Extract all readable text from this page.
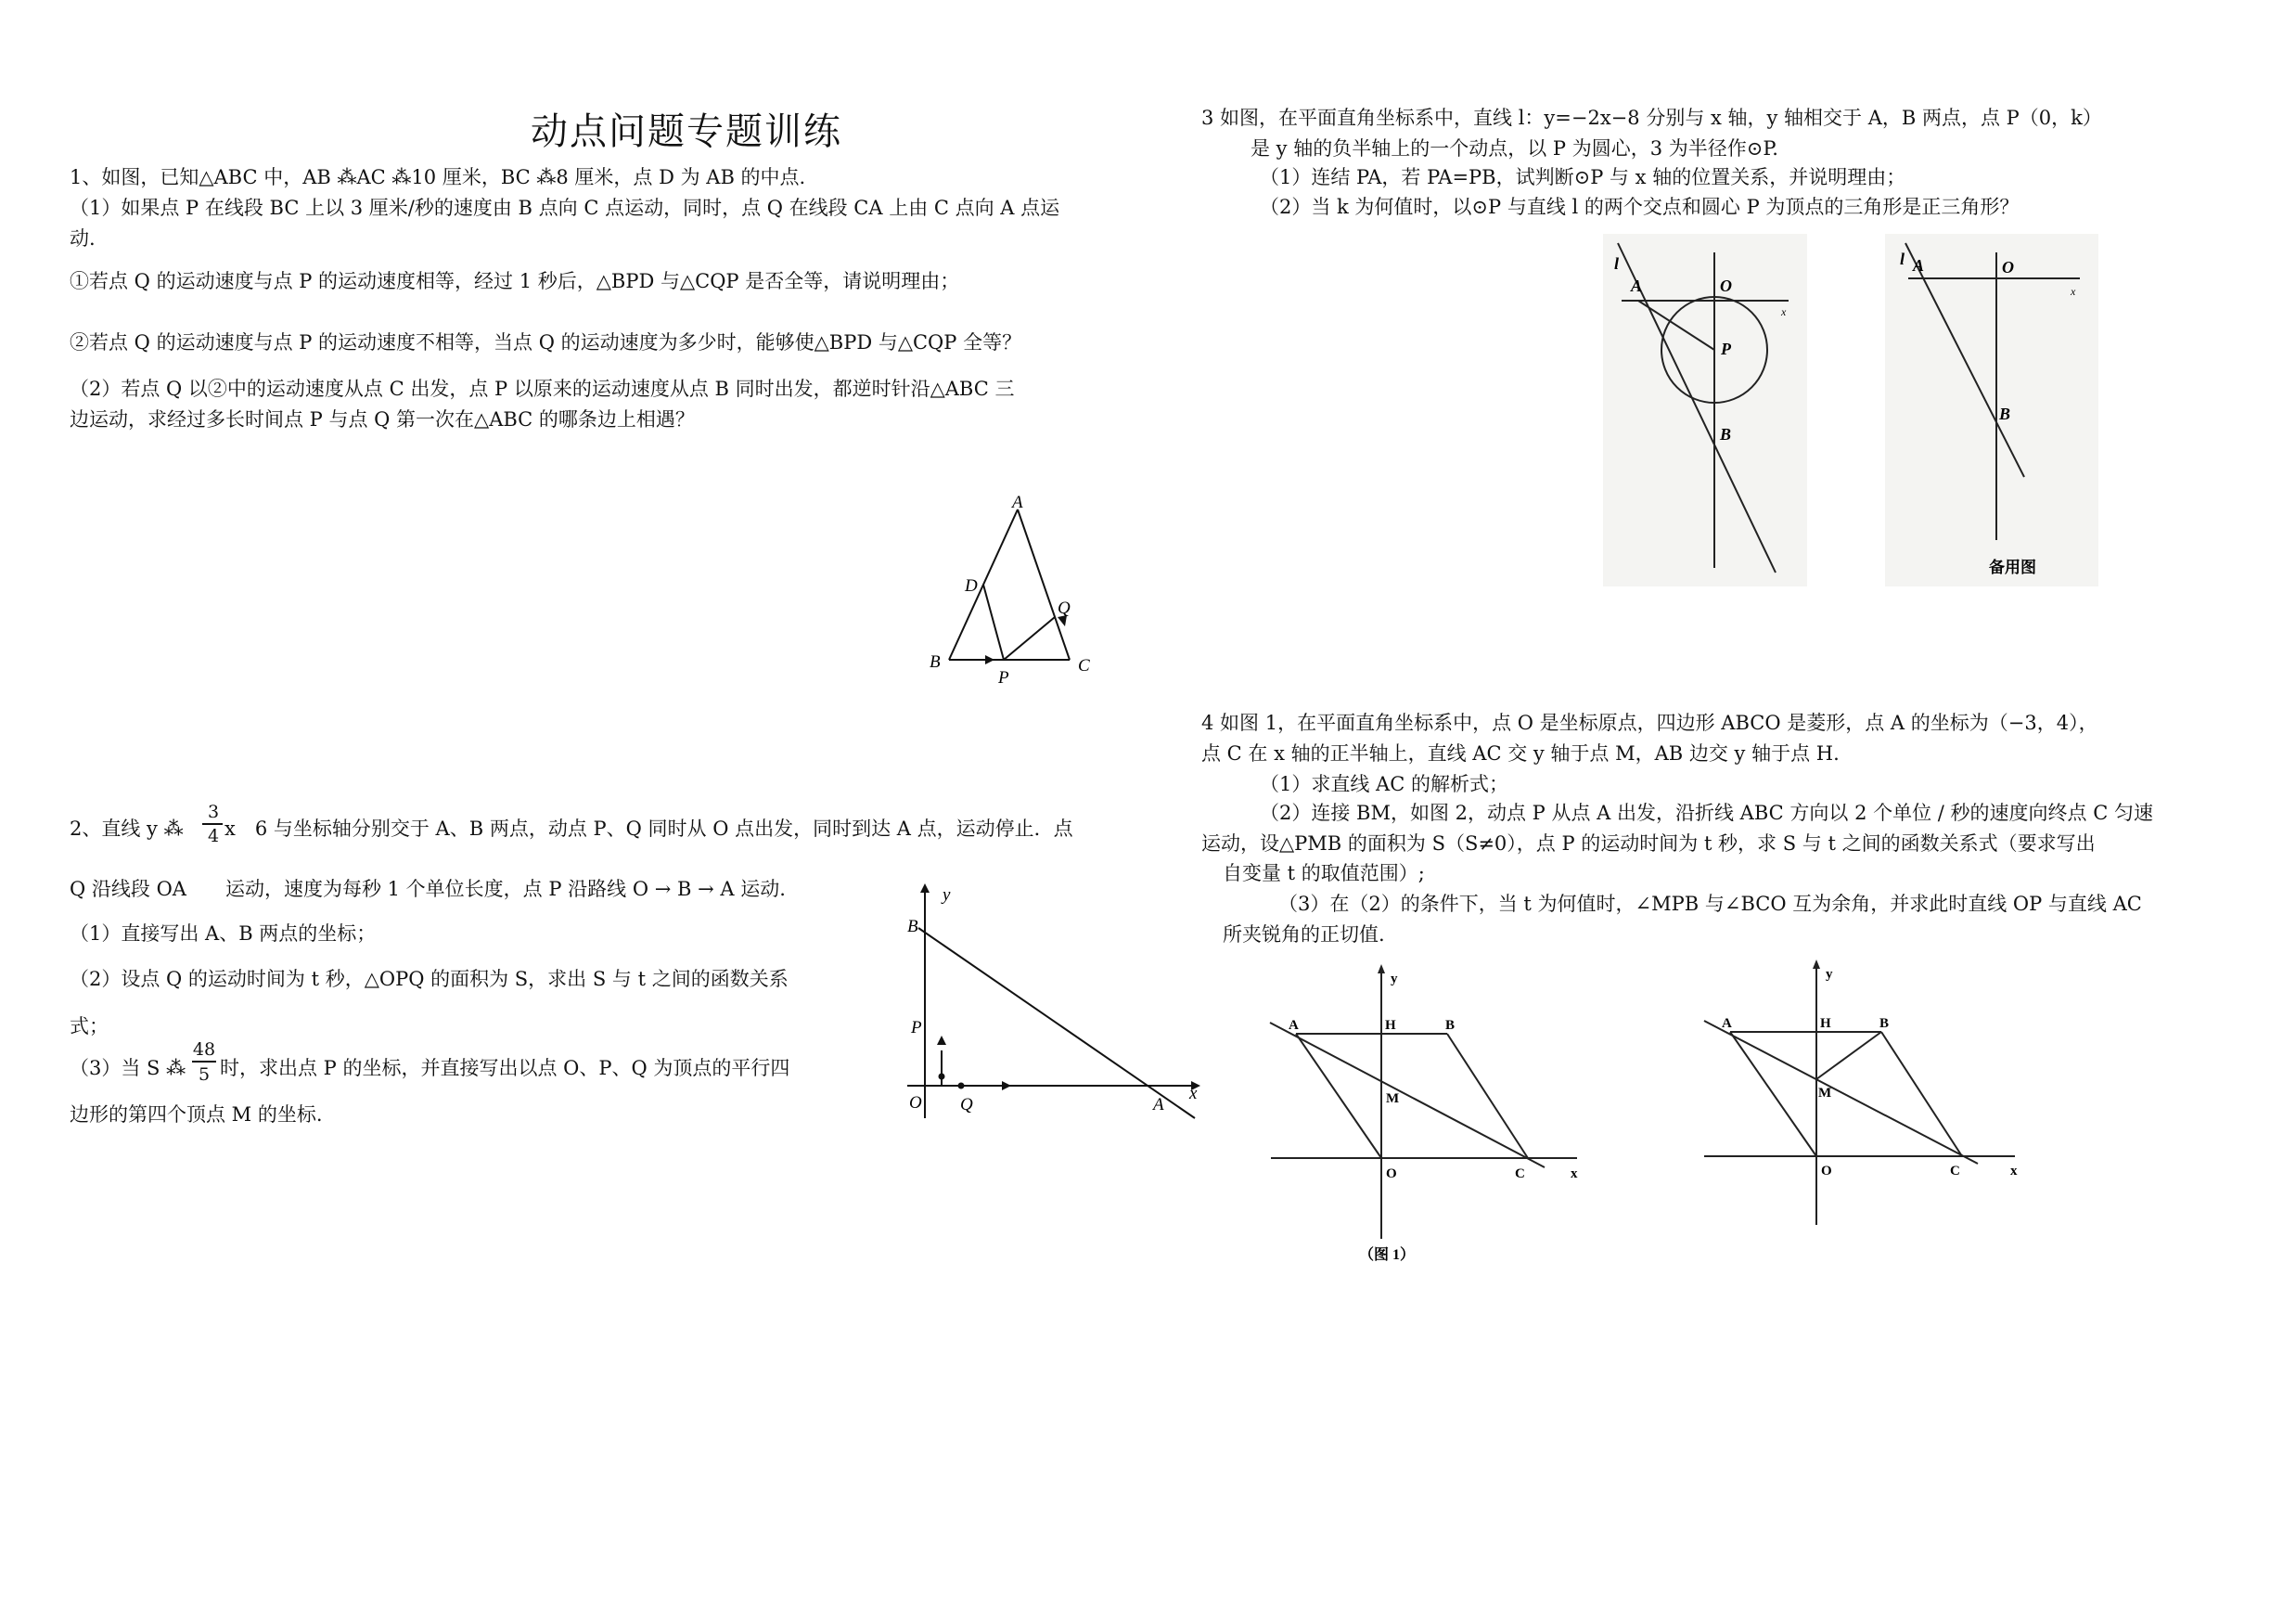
动点问题专题训练
1、如图，已知△ABC 中，AB ⁂AC ⁂10 厘米，BC ⁂8 厘米，点 D 为 AB 的中点.
（1）如果点 P 在线段 BC 上以 3 厘米/秒的速度由 B 点向 C 点运动，同时，点 Q 在线段 CA 上由 C 点向 A 点运
动.
①若点 Q 的运动速度与点 P 的运动速度相等，经过 1 秒后，△BPD 与△CQP 是否全等，请说明理由；
②若点 Q 的运动速度与点 P 的运动速度不相等，当点 Q 的运动速度为多少时，能够使△BPD 与△CQP 全等？
（2）若点 Q 以②中的运动速度从点 C 出发，点 P 以原来的运动速度从点 B 同时出发，都逆时针沿△ABC 三
边运动，求经过多长时间点 P 与点 Q 第一次在△ABC 的哪条边上相遇？
A
D
Q
B
P
C
2、直线 y ⁂
3
4 x　6 与坐标轴分别交于 A、B 两点，动点 P、Q 同时从 O 点出发，同时到达 A 点，运动停止．点
Q 沿线段 OA　　运动，速度为每秒 1 个单位长度，点 P 沿路线 O → B → A 运动.
（1）直接写出 A、B 两点的坐标；
（2）设点 Q 的运动时间为 t 秒，△OPQ 的面积为 S，求出 S 与 t 之间的函数关系
式；
（3）当 S ⁂
48
5 时，求出点 P 的坐标，并直接写出以点 O、P、Q 为顶点的平行四
边形的第四个顶点 M 的坐标.
y
B
P
O Q	A
x
3 如图，在平面直角坐标系中，直线 l：y=−2x−8 分别与 x 轴，y 轴相交于 A，B 两点，点 P（0，k）
是 y 轴的负半轴上的一个动点，以 P 为圆心，3 为半径作⊙P.
（1）连结 PA，若 PA=PB，试判断⊙P 与 x 轴的位置关系，并说明理由；
（2）当 k 为何值时，以⊙P 与直线 l 的两个交点和圆心 P 为顶点的三角形是正三角形？
l
A	O
x
P
B
l A	O
x
B
备用图
4 如图 1，在平面直角坐标系中，点 O 是坐标原点，四边形 ABCO 是菱形，点 A 的坐标为（−3，4），
点 C 在 x 轴的正半轴上，直线 AC 交 y 轴于点 M，AB 边交 y 轴于点 H.
（1）求直线 AC 的解析式；
（2）连接 BM，如图 2，动点 P 从点 A 出发，沿折线 ABC 方向以 2 个单位 / 秒的速度向终点 C 匀速
运动，设△PMB 的面积为 S（S≠0），点 P 的运动时间为 t 秒，求 S 与 t 之间的函数关系式（要求写出
自变量 t 的取值范围）;
（3）在（2）的条件下，当 t 为何值时，∠MPB 与∠BCO 互为余角，并求此时直线 OP 与直线 AC
所夹锐角的正切值.
y
A	H	B
M
O	C	x
（图 1）
y
A	H	B
M
O	C	x
